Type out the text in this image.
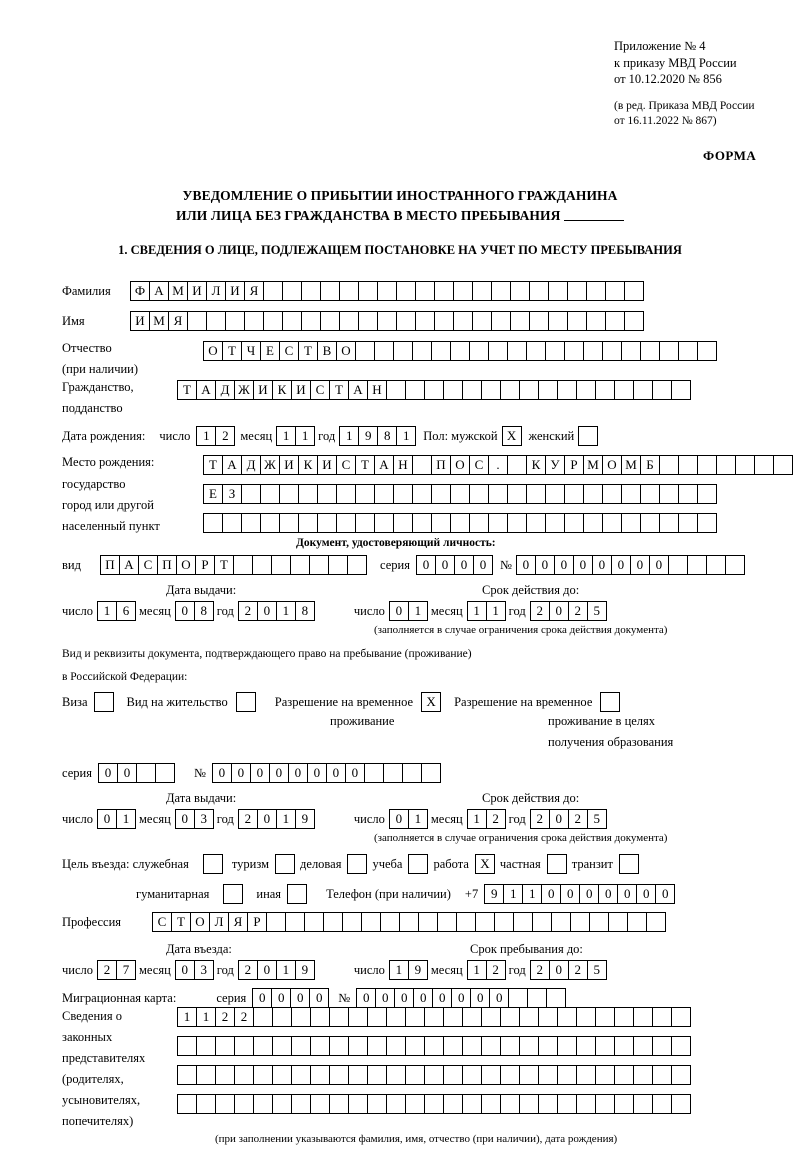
Приложение № 4
к приказу МВД России
от 10.12.2020 № 856
(в ред. Приказа МВД России
от 16.11.2022 № 867)
ФОРМА
УВЕДОМЛЕНИЕ О ПРИБЫТИИ ИНОСТРАННОГО ГРАЖДАНИНА
ИЛИ ЛИЦА БЕЗ ГРАЖДАНСТВА В МЕСТО ПРЕБЫВАНИЯ
1. СВЕДЕНИЯ О ЛИЦЕ, ПОДЛЕЖАЩЕМ ПОСТАНОВКЕ НА УЧЕТ ПО МЕСТУ ПРЕБЫВАНИЯ
Фамилия	Ф А М И Л И Я
Имя	И М Я
Отчество
(при наличии)
О Т Ч Е С Т В О
Гражданство,
подданство
Т А Д Ж И К И С Т А Н
Дата рождения: число 1 2 месяц 1 1 год 1 9 8 1	Пол: мужской X женский
Место рождения:
государство
город или другой
населенный пункт
Т А Д Ж И К И С Т А Н	П О С	.	К У Р М О М Б
Е З
Документ, удостоверяющий личность:
вид	П А С П О Р Т	серия 0 0 0 0	№ 0 0 0 0 0 0 0 0
Дата выдачи:	Срок действия до:
число 1 6 месяц 0 8 год 2 0 1 8	число 0 1 месяц 1 1 год 2 0 2 5
(заполняется в случае ограничения срока действия документа)
Вид и реквизиты документа, подтверждающего право на пребывание (проживание)
в Российской Федерации:
Виза	Вид на жительство	Разрешение на временное	X	Разрешение на временное
проживание	проживание в целях
получения образования
серия 0 0	№ 0 0 0 0 0 0 0 0
Дата выдачи:	Срок действия до:
число 0 1 месяц 0 3 год 2 0 1 9	число 0 1 месяц 1 2 год 2 0 2 5
(заполняется в случае ограничения срока действия документа)
Цель въезда: служебная	туризм деловая учеба работа X частная транзит
гуманитарная	иная	Телефон (при наличии) +7 9 1 1 0 0 0 0 0 0 0
Профессия	С Т О Л Я Р
Дата въезда:	Срок пребывания до:
число 2 7 месяц 0 3 год 2 0 1 9	число 1 9 месяц 1 2 год 2 0 2 5
Миграционная карта:	серия 0 0 0 0	№ 0 0 0 0 0 0 0 0
Сведения о
законных
представителях
(родителях,
усыновителях,
попечителях)
1 1 2 2
(при заполнении указываются фамилия, имя, отчество (при наличии), дата рождения)
